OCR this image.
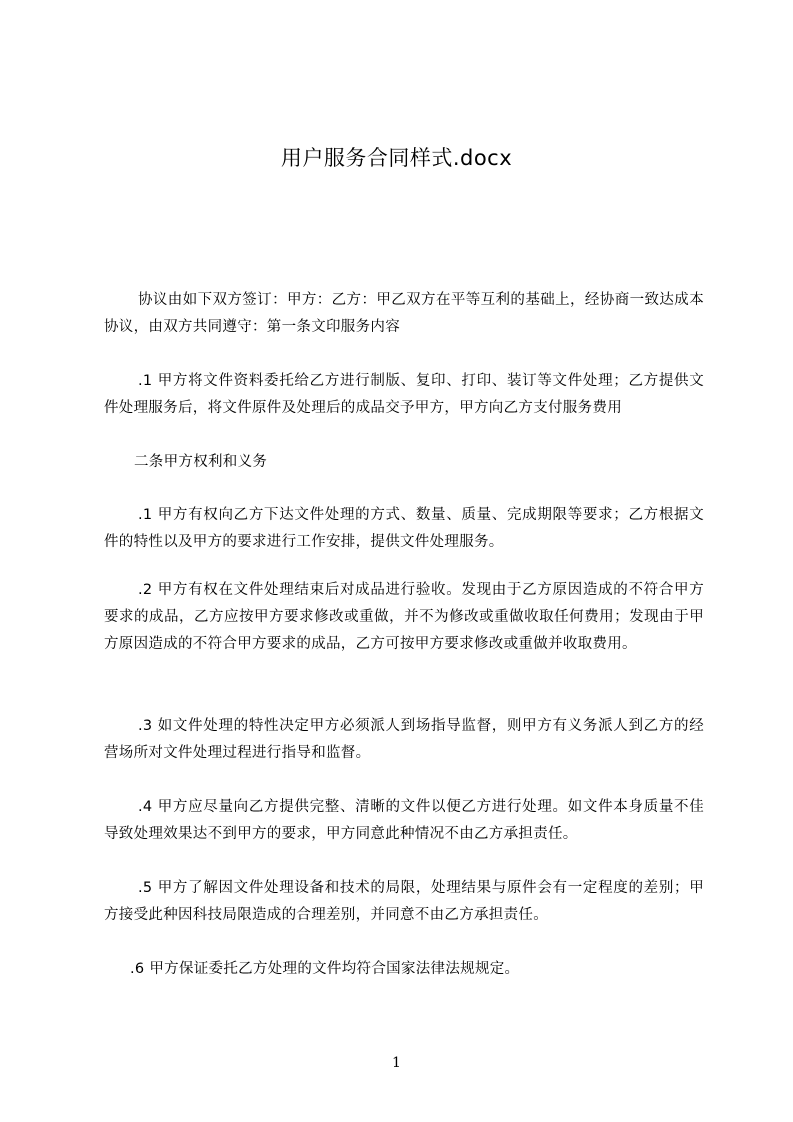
用户服务合同样式.docx

协议由如下双方签订：甲方：乙方：甲乙双方在平等互利的基础上，经协商一致达成本协议，由双方共同遵守：第一条文印服务内容

.1 甲方将文件资料委托给乙方进行制版、复印、打印、装订等文件处理；乙方提供文件处理服务后，将文件原件及处理后的成品交予甲方，甲方向乙方支付服务费用

二条甲方权利和义务

.1 甲方有权向乙方下达文件处理的方式、数量、质量、完成期限等要求；乙方根据文件的特性以及甲方的要求进行工作安排，提供文件处理服务。

.2 甲方有权在文件处理结束后对成品进行验收。发现由于乙方原因造成的不符合甲方要求的成品，乙方应按甲方要求修改或重做，并不为修改或重做收取任何费用；发现由于甲方原因造成的不符合甲方要求的成品，乙方可按甲方要求修改或重做并收取费用。

.3 如文件处理的特性决定甲方必须派人到场指导监督，则甲方有义务派人到乙方的经营场所对文件处理过程进行指导和监督。

.4 甲方应尽量向乙方提供完整、清晰的文件以便乙方进行处理。如文件本身质量不佳导致处理效果达不到甲方的要求，甲方同意此种情况不由乙方承担责任。

.5 甲方了解因文件处理设备和技术的局限，处理结果与原件会有一定程度的差别；甲方接受此种因科技局限造成的合理差别，并同意不由乙方承担责任。

.6 甲方保证委托乙方处理的文件均符合国家法律法规规定。

1
